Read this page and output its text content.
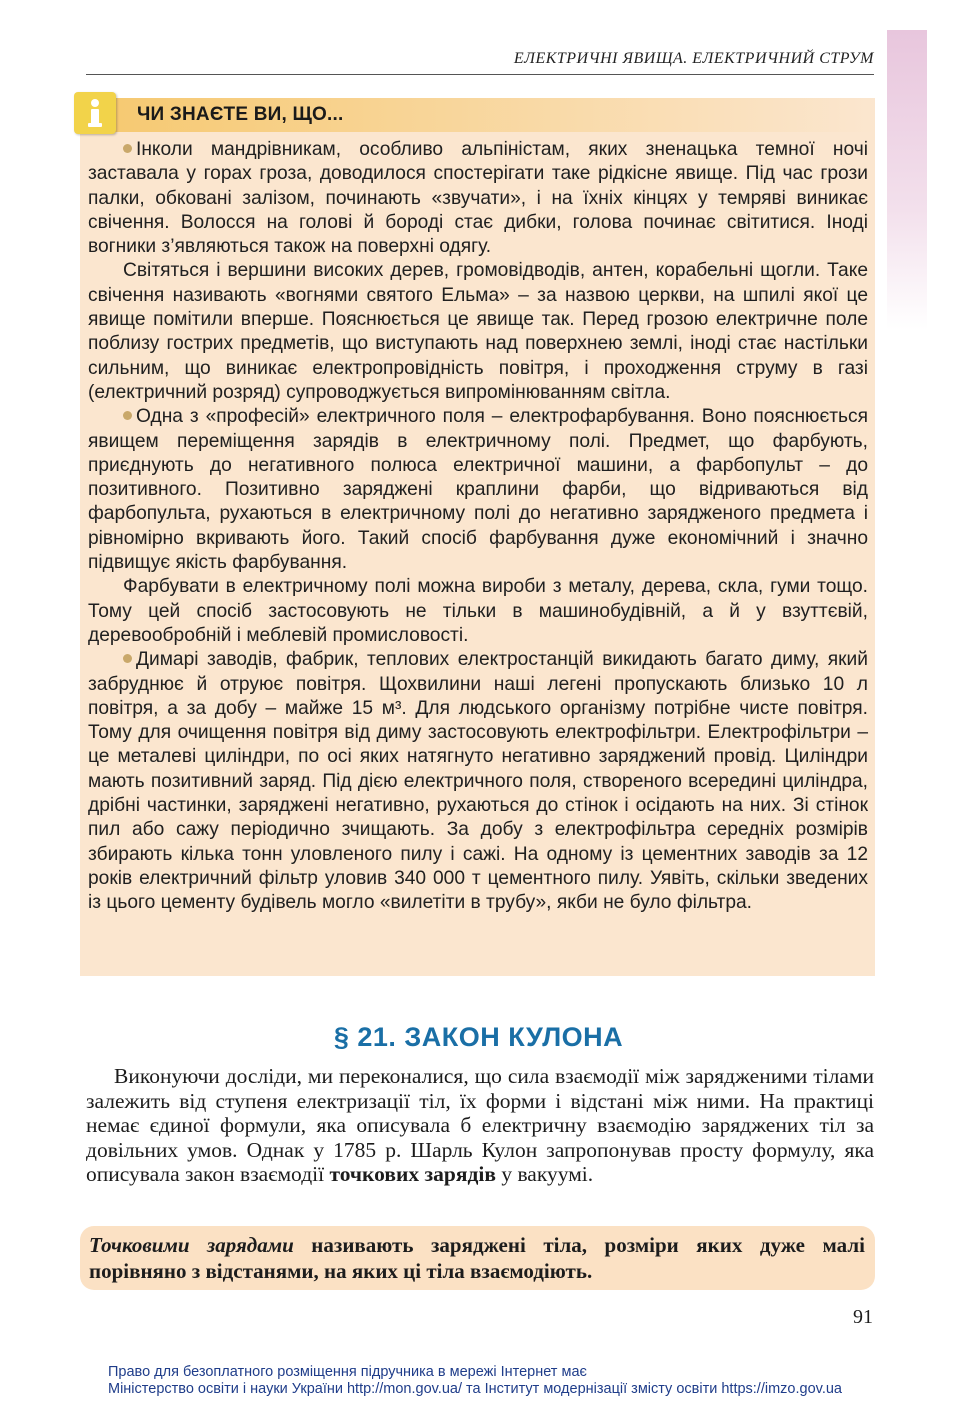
ЕЛЕКТРИЧНІ ЯВИЩА. ЕЛЕКТРИЧНИЙ СТРУМ
ЧИ ЗНАЄТЕ ВИ, ЩО...

Інколи мандрівникам, особливо альпіністам, яких зненацька темної ночі заставала у горах гроза, доводилося спостерігати таке рідкісне явище. Під час грози палки, обковані залізом, починають «звучати», і на їхніх кінцях у темряві виникає свічення. Волосся на голові й бороді стає дибки, голова починає світитися. Іноді вогники з’являються також на поверхні одягу.

Світяться і вершини високих дерев, громовідводів, антен, корабельні щогли. Таке свічення називають «вогнями святого Ельма» – за назвою церкви, на шпилі якої це явище помітили вперше. Пояснюється це явище так. Перед грозою електричне поле поблизу гострих предметів, що виступають над поверхнею землі, іноді стає настільки сильним, що виникає електропровідність повітря, і проходження струму в газі (електричний розряд) супроводжується випромінюванням світла.

Одна з «професій» електричного поля – електрофарбування. Воно пояснюється явищем переміщення зарядів в електричному полі. Предмет, що фарбують, приєднують до негативного полюса електричної машини, а фарбопульт – до позитивного. Позитивно заряджені краплини фарби, що відриваються від фарбопульта, рухаються в електричному полі до негативно зарядженого предмета і рівномірно вкривають його. Такий спосіб фарбування дуже економічний і значно підвищує якість фарбування.

Фарбувати в електричному полі можна вироби з металу, дерева, скла, гуми тощо. Тому цей спосіб застосовують не тільки в машинобудівній, а й у взуттєвій, деревообробній і меблевій промисловості.

Димарі заводів, фабрик, теплових електростанцій викидають багато диму, який забруднює й отруює повітря. Щохвилини наші легені пропускають близько 10 л повітря, а за добу – майже 15 м³. Для людського організму потрібне чисте повітря. Тому для очищення повітря від диму застосовують електрофільтри. Електрофільтри – це металеві циліндри, по осі яких натягнуто негативно заряджений провід. Циліндри мають позитивний заряд. Під дією електричного поля, створеного всередині циліндра, дрібні частинки, заряджені негативно, рухаються до стінок і осідають на них. Зі стінок пил або сажу періодично зчищають. За добу з електрофільтра середніх розмірів збирають кілька тонн уловленого пилу і сажі. На одному із цементних заводів за 12 років електричний фільтр уловив 340 000 т цементного пилу. Уявіть, скільки зведених із цього цементу будівель могло «вилетіти в трубу», якби не було фільтра.

§ 21. ЗАКОН КУЛОНА

Виконуючи досліди, ми переконалися, що сила взаємодії між зарядженими тілами залежить від ступеня електризації тіл, їх форми і відстані між ними. На практиці немає єдиної формули, яка описувала б електричну взаємодію заряджених тіл за довільних умов. Однак у 1785 р. Шарль Кулон запропонував просту формулу, яка описувала закон взаємодії точкових зарядів у вакуумі.

Точковими зарядами називають заряджені тіла, розміри яких дуже малі порівняно з відстанями, на яких ці тіла взаємодіють.
91
Право для безоплатного розміщення підручника в мережі Інтернет має
Міністерство освіти і науки України http://mon.gov.ua/ та Інститут модернізації змісту освіти https://imzo.gov.ua
